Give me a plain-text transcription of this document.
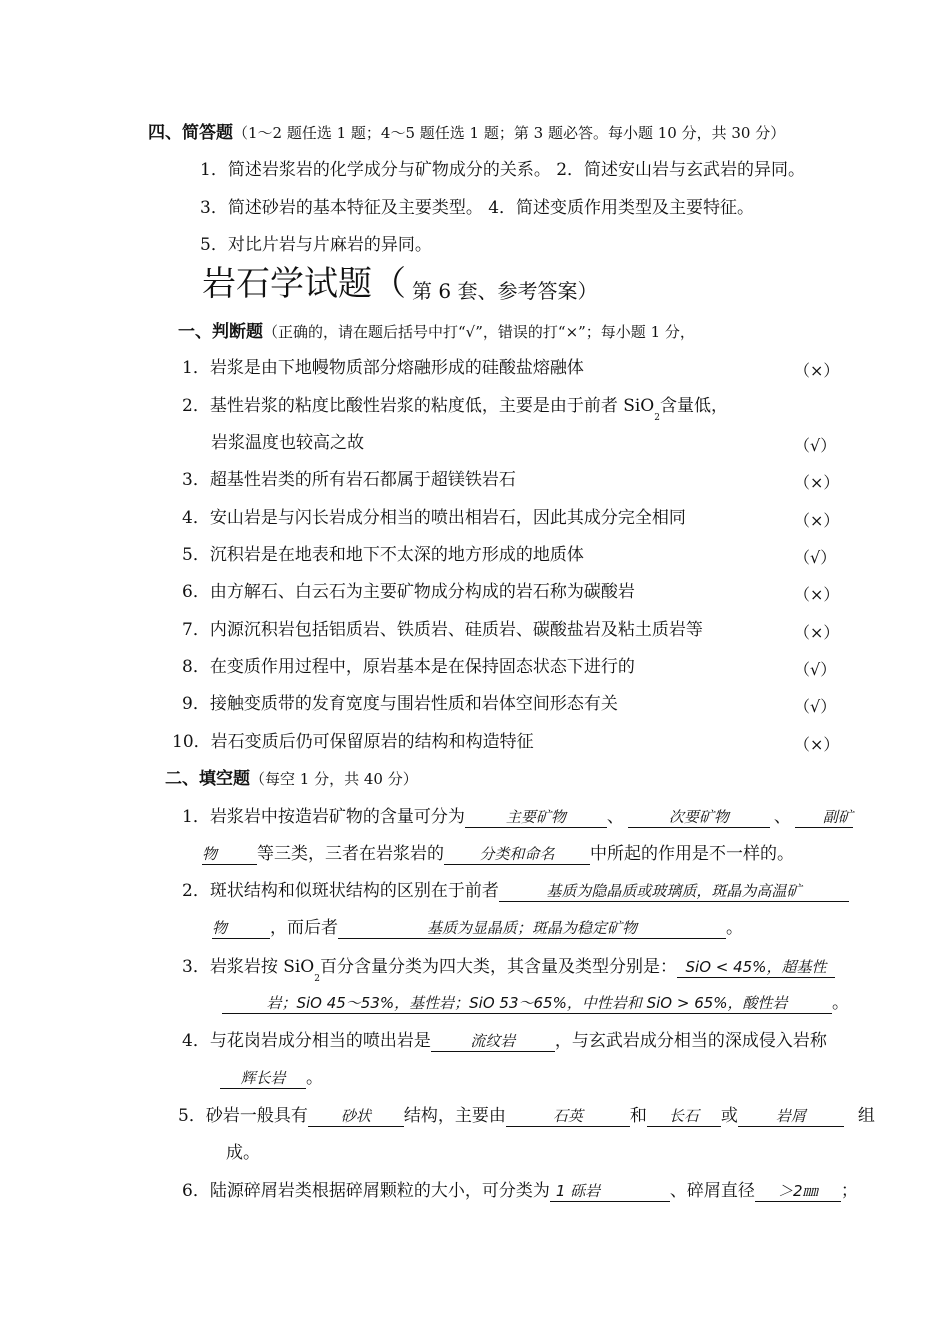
四、简答题（1～2 题任选 1 题；4～5 题任选 1 题；第 3 题必答。每小题 10 分，共 30 分）
1．简述岩浆岩的化学成分与矿物成分的关系。 2．简述安山岩与玄武岩的异同。
3．简述砂岩的基本特征及主要类型。 4．简述变质作用类型及主要特征。
5．对比片岩与片麻岩的异同。
岩石学试题（ 第 6 套、参考答案）
一、判断题（正确的，请在题后括号中打“√”，错误的打“×”；每小题 1 分，
1．岩浆是由下地幔物质部分熔融形成的硅酸盐熔融体	（×）
2．基性岩浆的粘度比酸性岩浆的粘度低，主要是由于前者 SiO$_2$含量低，
岩浆温度也较高之故	（√）
3．超基性岩类的所有岩石都属于超镁铁岩石	（×）
4．安山岩是与闪长岩成分相当的喷出相岩石，因此其成分完全相同	（×）
5．沉积岩是在地表和地下不太深的地方形成的地质体	（√）
6．由方解石、白云石为主要矿物成分构成的岩石称为碳酸岩	（×）
7．内源沉积岩包括铝质岩、铁质岩、硅质岩、碳酸盐岩及粘土质岩等	（×）
8．在变质作用过程中，原岩基本是在保持固态状态下进行的	（√）
9．接触变质带的发育宽度与围岩性质和岩体空间形态有关	（√）
10．岩石变质后仍可保留原岩的结构和构造特征	（×）
二、填空题（每空 1 分，共 40 分）
1．岩浆岩中按造岩矿物的含量可分为	主要矿物 、	次要矿物	、 副矿
物 等三类，三者在岩浆岩的 分类和命名 中所起的作用是不一样的。
2．斑状结构和似斑状结构的区别在于前者	基质为隐晶质或玻璃质，斑晶为高温矿
物	，而后者	基质为显晶质；斑晶为稳定矿物	。
3．岩浆岩按 SiO$_2$百分含量分类为四大类，其含量及类型分别是： SiO < 45%，超基性
岩；SiO 45～53%，基性岩；SiO 53～65%，中性岩和 SiO > 65%，酸性岩	。
4．与花岗岩成分相当的喷出岩是	流纹岩 ，与玄武岩成分相当的深成侵入岩称
辉长岩 。
5．砂岩一般具有 砂状 结构，主要由	石英	和 长石 或	岩屑	组
成。
6．陆源碎屑岩类根据碎屑颗粒的大小，可分类为 1 砾岩	、碎屑直径 ＞2㎜ ；
